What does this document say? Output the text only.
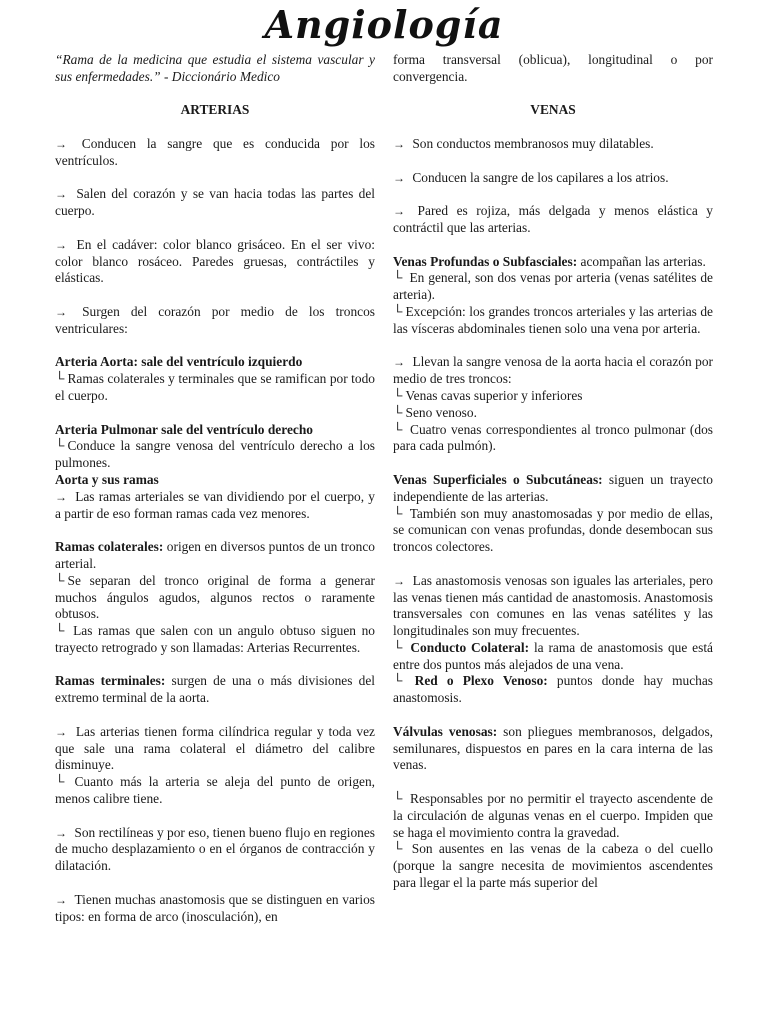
Angiología

“Rama de la medicina que estudia el sistema vascular y sus enfermedades.” - Diccionário Medico

ARTERIAS

→ Conducen la sangre que es conducida por los ventrículos.

→ Salen del corazón y se van hacia todas las partes del cuerpo.

→ En el cadáver: color blanco grisáceo. En el ser vivo: color blanco rosáceo. Paredes gruesas, contráctiles y elásticas.

→ Surgen del corazón por medio de los troncos ventriculares:

Arteria Aorta: sale del ventrículo izquierdo
└ Ramas colaterales y terminales que se ramifican por todo el cuerpo.

Arteria Pulmonar sale del ventrículo derecho
└ Conduce la sangre venosa del ventrículo derecho a los pulmones.

Aorta y sus ramas
→ Las ramas arteriales se van dividiendo por el cuerpo, y a partir de eso forman ramas cada vez menores.

Ramas colaterales: origen en diversos puntos de un tronco arterial.
└ Se separan del tronco original de forma a generar muchos ángulos agudos, algunos rectos o raramente obtusos.
└ Las ramas que salen con un angulo obtuso siguen no trayecto retrogrado y son llamadas: Arterias Recurrentes.

Ramas terminales: surgen de una o más divisiones del extremo terminal de la aorta.

→ Las arterias tienen forma cilíndrica regular y toda vez que sale una rama colateral el diámetro del calibre disminuye.
└ Cuanto más la arteria se aleja del punto de origen, menos calibre tiene.

→ Son rectilíneas y por eso, tienen bueno flujo en regiones de mucho desplazamiento o en el órganos de contracción y dilatación.

→ Tienen muchas anastomosis que se distinguen en varios tipos: en forma de arco (inosculación), en

forma transversal (oblicua), longitudinal o por convergencia.

VENAS

→ Son conductos membranosos muy dilatables.

→ Conducen la sangre de los capilares a los atrios.

→ Pared es rojiza, más delgada y menos elástica y contráctil que las arterias.

Venas Profundas o Subfasciales: acompañan las arterias.
└ En general, son dos venas por arteria (venas satélites de arteria).
└ Excepción: los grandes troncos arteriales y las arterias de las vísceras abdominales tienen solo una vena por arteria.

→ Llevan la sangre venosa de la aorta hacia el corazón por medio de tres troncos:
└ Venas cavas superior y inferiores
└ Seno venoso.
└ Cuatro venas correspondientes al tronco pulmonar (dos para cada pulmón).

Venas Superficiales o Subcutáneas: siguen un trayecto independiente de las arterias.
└ También son muy anastomosadas y por medio de ellas, se comunican con venas profundas, donde desembocan sus troncos colectores.

→ Las anastomosis venosas son iguales las arteriales, pero las venas tienen más cantidad de anastomosis. Anastomosis transversales con comunes en las venas satélites y las longitudinales son muy frecuentes.
└ Conducto Colateral: la rama de anastomosis que está entre dos puntos más alejados de una vena.
└ Red o Plexo Venoso: puntos donde hay muchas anastomosis.

Válvulas venosas: son pliegues membranosos, delgados, semilunares, dispuestos en pares en la cara interna de las venas.

└ Responsables por no permitir el trayecto ascendente de la circulación de algunas venas en el cuerpo. Impiden que se haga el movimiento contra la gravedad.
└ Son ausentes en las venas de la cabeza o del cuello (porque la sangre necesita de movimientos ascendentes para llegar el la parte más superior del
